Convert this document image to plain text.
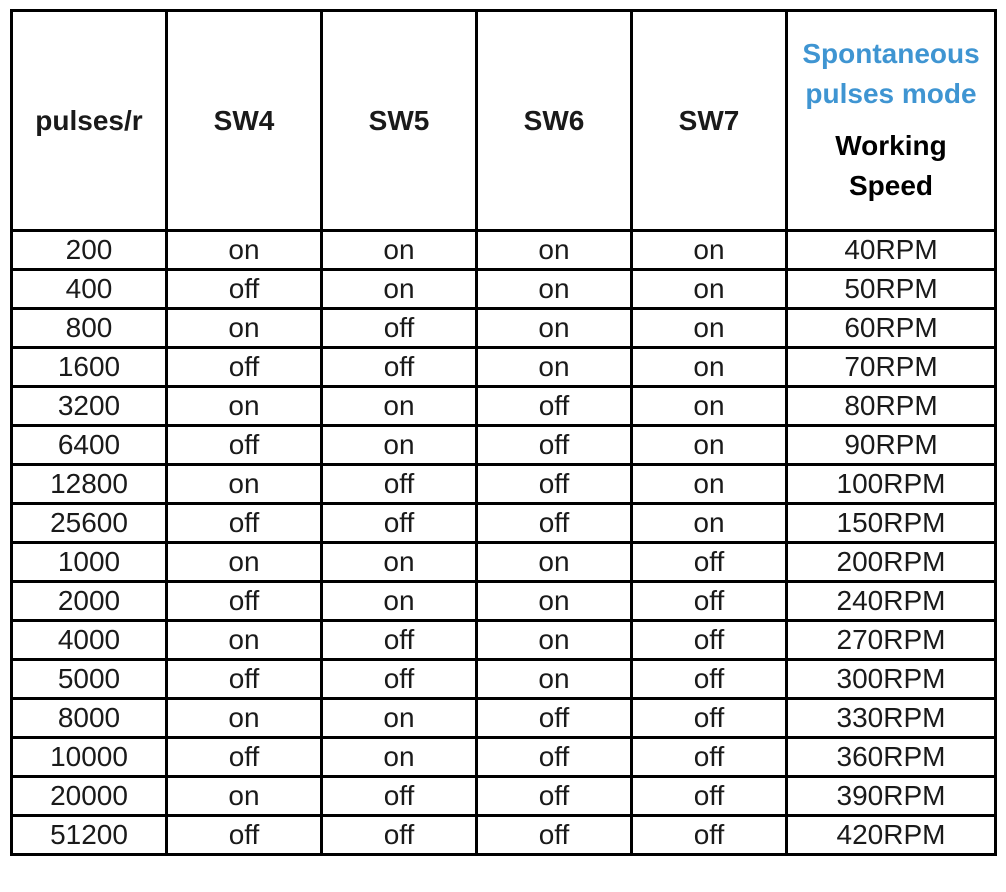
pulses/r	SW4	SW5	SW6	SW7	Spontaneous
pulses mode
Working
Speed

200	on	on	on	on	40RPM
400	off	on	on	on	50RPM
800	on	off	on	on	60RPM
1600	off	off	on	on	70RPM
3200	on	on	off	on	80RPM
6400	off	on	off	on	90RPM
12800	on	off	off	on	100RPM
25600	off	off	off	on	150RPM
1000	on	on	on	off	200RPM
2000	off	on	on	off	240RPM
4000	on	off	on	off	270RPM
5000	off	off	on	off	300RPM
8000	on	on	off	off	330RPM
10000	off	on	off	off	360RPM
20000	on	off	off	off	390RPM
51200	off	off	off	off	420RPM
